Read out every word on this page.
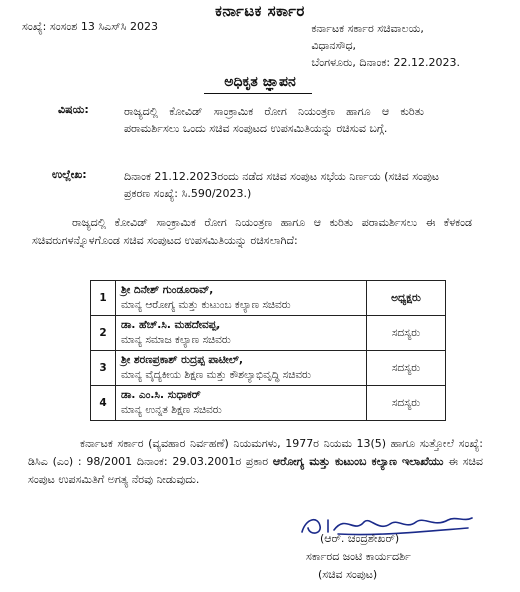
ಕರ್ನಾಟಕ ಸರ್ಕಾರ
ಸಂಖ್ಯೆ: ಸಂಸಂಶ 13 ಸಿಎಸ್‌ಸಿ 2023	ಕರ್ನಾಟಕ ಸರ್ಕಾರ ಸಚಿವಾಲಯ,
ವಿಧಾನಸೌಧ,
ಬೆಂಗಳೂರು, ದಿನಾಂಕ: 22.12.2023.
ಅಧಿಕೃತ ಜ್ಞಾಪನ
ವಿಷಯ:	ರಾಜ್ಯದಲ್ಲಿ ಕೋವಿಡ್ ಸಾಂಕ್ರಾಮಿಕ ರೋಗ ನಿಯಂತ್ರಣ ಹಾಗೂ ಆ ಕುರಿತು ಪರಾಮರ್ಶಿಸಲು ಒಂದು ಸಚಿವ ಸಂಪುಟದ ಉಪಸಮಿತಿಯನ್ನು ರಚಿಸುವ ಬಗ್ಗೆ.
ಉಲ್ಲೇಖ:	ದಿನಾಂಕ 21.12.2023ರಂದು ನಡೆದ ಸಚಿವ ಸಂಪುಟ ಸಭೆಯ ನಿರ್ಣಯ (ಸಚಿವ ಸಂಪುಟ ಪ್ರಕರಣ ಸಂಖ್ಯೆ: ಸಿ.590/2023.)
ರಾಜ್ಯದಲ್ಲಿ ಕೋವಿಡ್ ಸಾಂಕ್ರಾಮಿಕ ರೋಗ ನಿಯಂತ್ರಣ ಹಾಗೂ ಆ ಕುರಿತು ಪರಾಮರ್ಶಿಸಲು ಈ ಕೆಳಕಂಡ ಸಚಿವರುಗಳನ್ನೊಳಗೊಂಡ ಸಚಿವ ಸಂಪುಟದ ಉಪಸಮಿತಿಯನ್ನು ರಚಿಸಲಾಗಿದೆ:
1	ಶ್ರೀ ದಿನೇಶ್ ಗುಂಡೂರಾವ್,
ಮಾನ್ಯ ಆರೋಗ್ಯ ಮತ್ತು ಕುಟುಂಬ ಕಲ್ಯಾಣ ಸಚಿವರು	ಅಧ್ಯಕ್ಷರು
2	ಡಾ. ಹೆಚ್.ಸಿ. ಮಹದೇವಪ್ಪ,
ಮಾನ್ಯ ಸಮಾಜ ಕಲ್ಯಾಣ ಸಚಿವರು	ಸದಸ್ಯರು
3	ಶ್ರೀ ಶರಣಪ್ರಕಾಶ್ ರುದ್ರಪ್ಪ ಪಾಟೀಲ್,
ಮಾನ್ಯ ವೈದ್ಯಕೀಯ ಶಿಕ್ಷಣ ಮತ್ತು ಕೌಶಲ್ಯಾಭಿವೃದ್ಧಿ ಸಚಿವರು	ಸದಸ್ಯರು
4	ಡಾ. ಎಂ.ಸಿ. ಸುಧಾಕರ್
ಮಾನ್ಯ ಉನ್ನತ ಶಿಕ್ಷಣ ಸಚಿವರು	ಸದಸ್ಯರು
ಕರ್ನಾಟಕ ಸರ್ಕಾರ (ವ್ಯವಹಾರ ನಿರ್ವಹಣೆ) ನಿಯಮಗಳು, 1977ರ ನಿಯಮ 13(5) ಹಾಗೂ ಸುತ್ತೋಲೆ ಸಂಖ್ಯೆ: ಡಿಸಿಎ (ಎಂ) : 98/2001 ದಿನಾಂಕ: 29.03.2001ರ ಪ್ರಕಾರ ಆರೋಗ್ಯ ಮತ್ತು ಕುಟುಂಬ ಕಲ್ಯಾಣ ಇಲಾಖೆಯು ಈ ಸಚಿವ ಸಂಪುಟ ಉಪಸಮಿತಿಗೆ ಅಗತ್ಯ ನೆರವು ನೀಡುವುದು.
(ಆರ್. ಚಂದ್ರಶೇಖರ್)
ಸರ್ಕಾರದ ಜಂಟಿ ಕಾರ್ಯದರ್ಶಿ
(ಸಚಿವ ಸಂಪುಟ)
